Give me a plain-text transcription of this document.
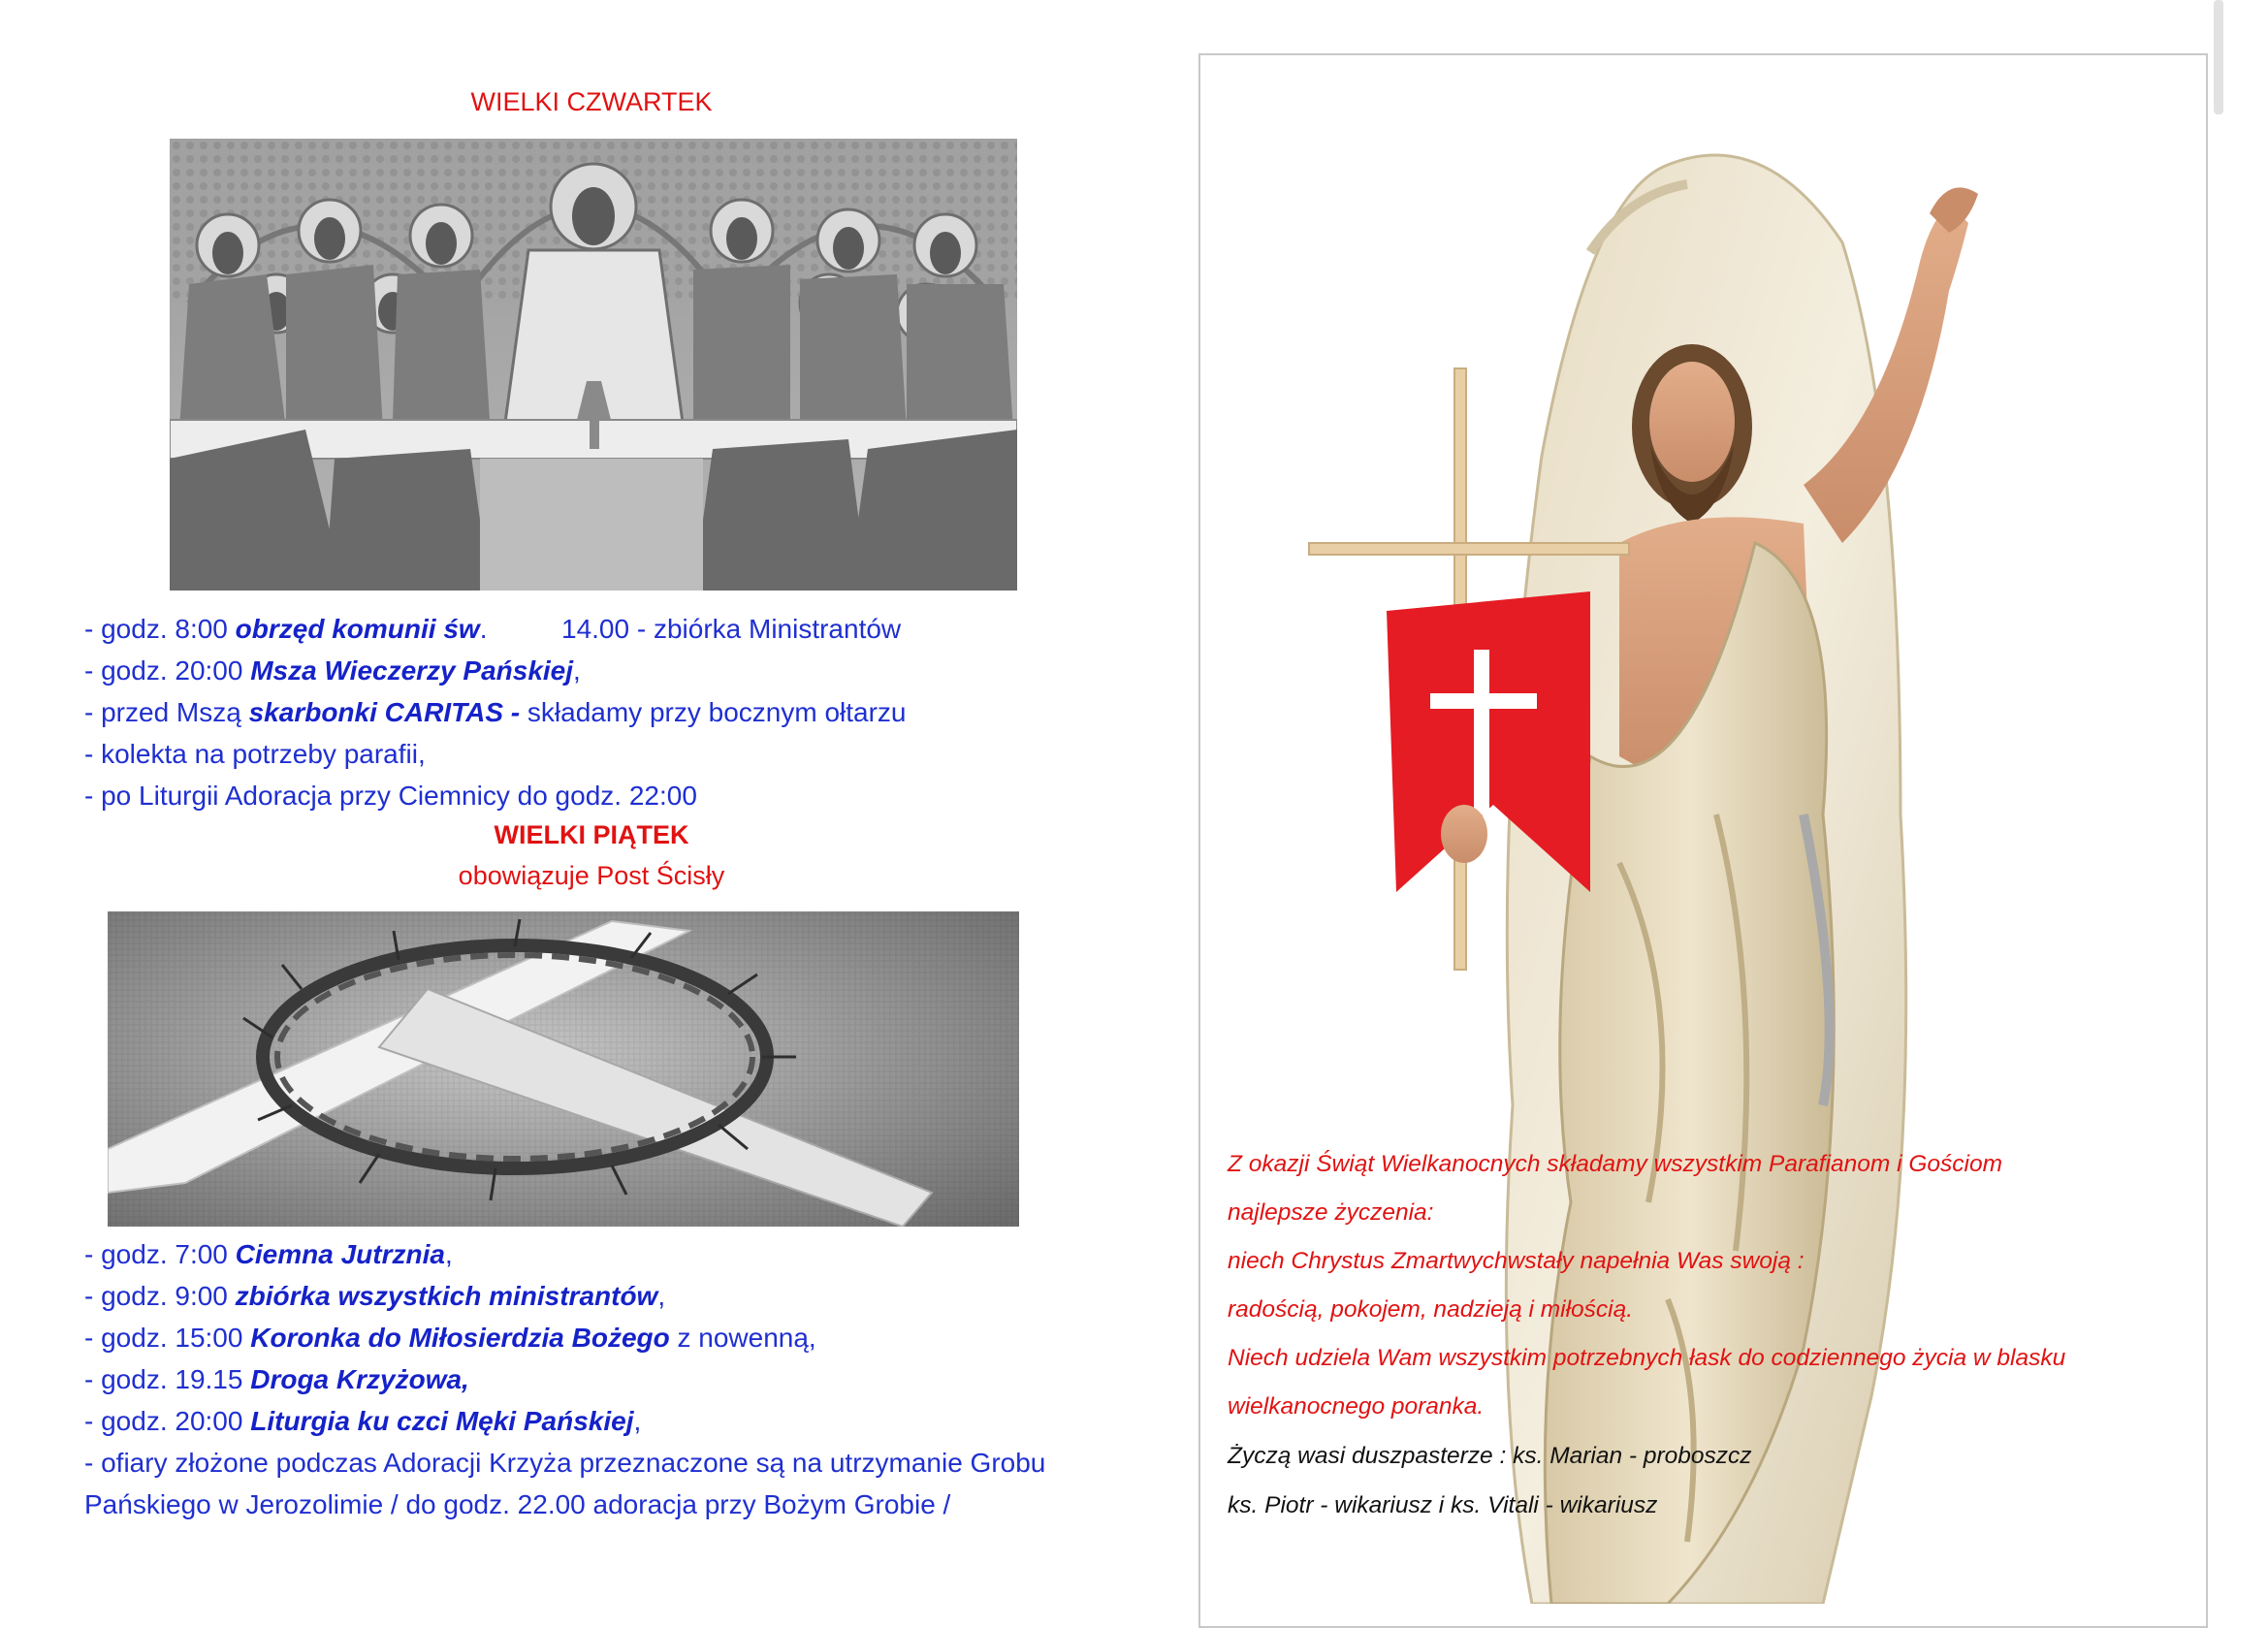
WIELKI CZWARTEK
- godz. 8:00 obrzęd komunii św.	14.00 - zbiórka Ministrantów
- godz. 20:00 Msza Wieczerzy Pańskiej,
- przed Mszą skarbonki CARITAS - składamy przy bocznym ołtarzu
- kolekta na potrzeby parafii,
- po Liturgii Adoracja przy Ciemnicy do godz. 22:00
WIELKI PIĄTEK
obowiązuje Post Ścisły
- godz. 7:00 Ciemna Jutrznia,
- godz. 9:00 zbiórka wszystkich ministrantów,
- godz. 15:00 Koronka do Miłosierdzia Bożego z nowenną,
- godz. 19.15 Droga Krzyżowa,
- godz. 20:00 Liturgia ku czci Męki Pańskiej,
- ofiary złożone podczas Adoracji Krzyża przeznaczone są na utrzymanie Grobu
Pańskiego w Jerozolimie / do godz. 22.00 adoracja przy Bożym Grobie /
Z okazji Świąt Wielkanocnych składamy wszystkim Parafianom i Gościom
najlepsze życzenia:
niech Chrystus Zmartwychwstały napełnia Was swoją :
radością, pokojem, nadzieją i miłością.
Niech udziela Wam wszystkim potrzebnych łask do codziennego życia w blasku
wielkanocnego poranka.
Życzą wasi duszpasterze : ks. Marian - proboszcz
ks. Piotr - wikariusz i ks. Vitali - wikariusz
